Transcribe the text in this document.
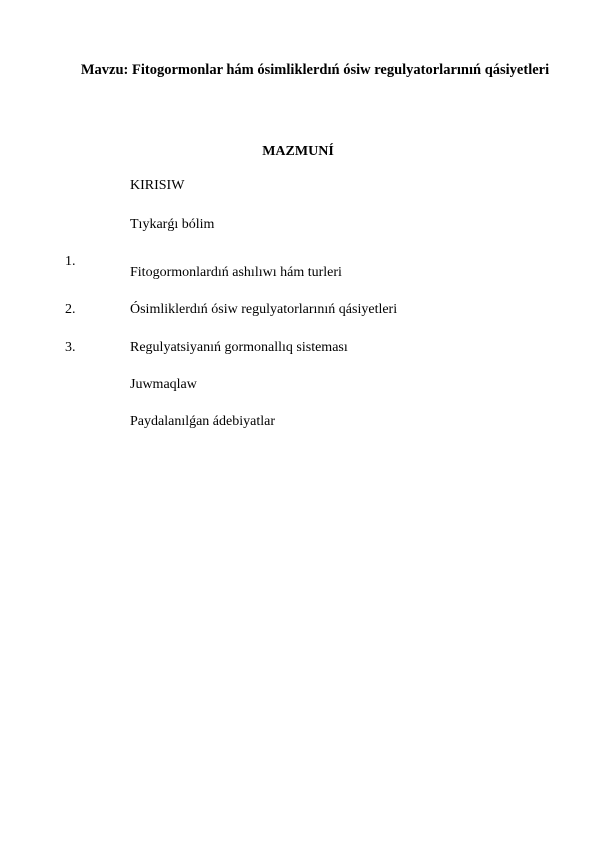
Mavzu: Fitogormonlar hám ósimliklerdıń ósiw regulyatorlarınıń qásiyetleri
MAZMUNÍ
KIRISIW
Tıykarǵı bólim
1.
Fitogormonlardıń ashılıwı hám turleri
2.	Ósimliklerdıń ósiw regulyatorlarınıń qásiyetleri
3.	Regulyatsiyanıń gormonallıq sisteması
Juwmaqlaw
Paydalanılǵan ádebiyatlar
